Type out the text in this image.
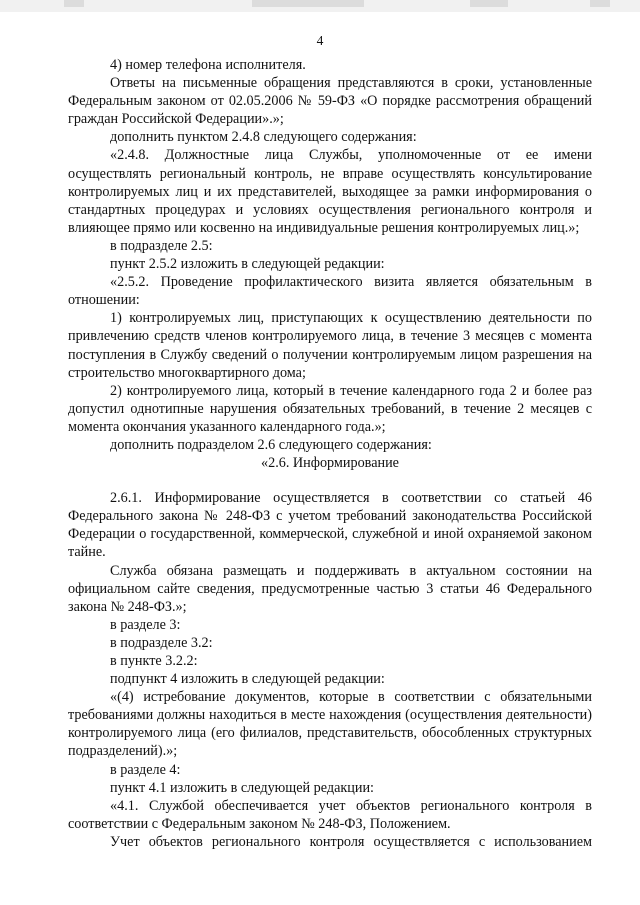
4

4) номер телефона исполнителя.

Ответы на письменные обращения представляются в сроки, установленные Федеральным законом от 02.05.2006 № 59-ФЗ «О порядке рассмотрения обращений граждан Российской Федерации».»;

дополнить пунктом 2.4.8 следующего содержания:

«2.4.8. Должностные лица Службы, уполномоченные от ее имени осуществлять региональный контроль, не вправе осуществлять консультирование контролируемых лиц и их представителей, выходящее за рамки информирования о стандартных процедурах и условиях осуществления регионального контроля и влияющее прямо или косвенно на индивидуальные решения контролируемых лиц.»;

в подразделе 2.5:

пункт 2.5.2 изложить в следующей редакции:

«2.5.2. Проведение профилактического визита является обязательным в отношении:

1) контролируемых лиц, приступающих к осуществлению деятельности по привлечению средств членов контролируемого лица, в течение 3 месяцев с момента поступления в Службу сведений о получении контролируемым лицом разрешения на строительство многоквартирного дома;

2) контролируемого лица, который в течение календарного года 2 и более раз допустил однотипные нарушения обязательных требований, в течение 2 месяцев с момента окончания указанного календарного года.»;

дополнить подразделом 2.6 следующего содержания:

«2.6. Информирование

2.6.1. Информирование осуществляется в соответствии со статьей 46 Федерального закона № 248-ФЗ с учетом требований законодательства Российской Федерации о государственной, коммерческой, служебной и иной охраняемой законом тайне.

Служба обязана размещать и поддерживать в актуальном состоянии на официальном сайте сведения, предусмотренные частью 3 статьи 46 Федерального закона № 248-ФЗ.»;

в разделе 3:

в подразделе 3.2:

в пункте 3.2.2:

подпункт 4 изложить в следующей редакции:

«(4) истребование документов, которые в соответствии с обязательными требованиями должны находиться в месте нахождения (осуществления деятельности) контролируемого лица (его филиалов, представительств, обособленных структурных подразделений).»;

в разделе 4:

пункт 4.1 изложить в следующей редакции:

«4.1. Службой обеспечивается учет объектов регионального контроля в соответствии с Федеральным законом № 248-ФЗ, Положением.

Учет объектов регионального контроля осуществляется с использованием
